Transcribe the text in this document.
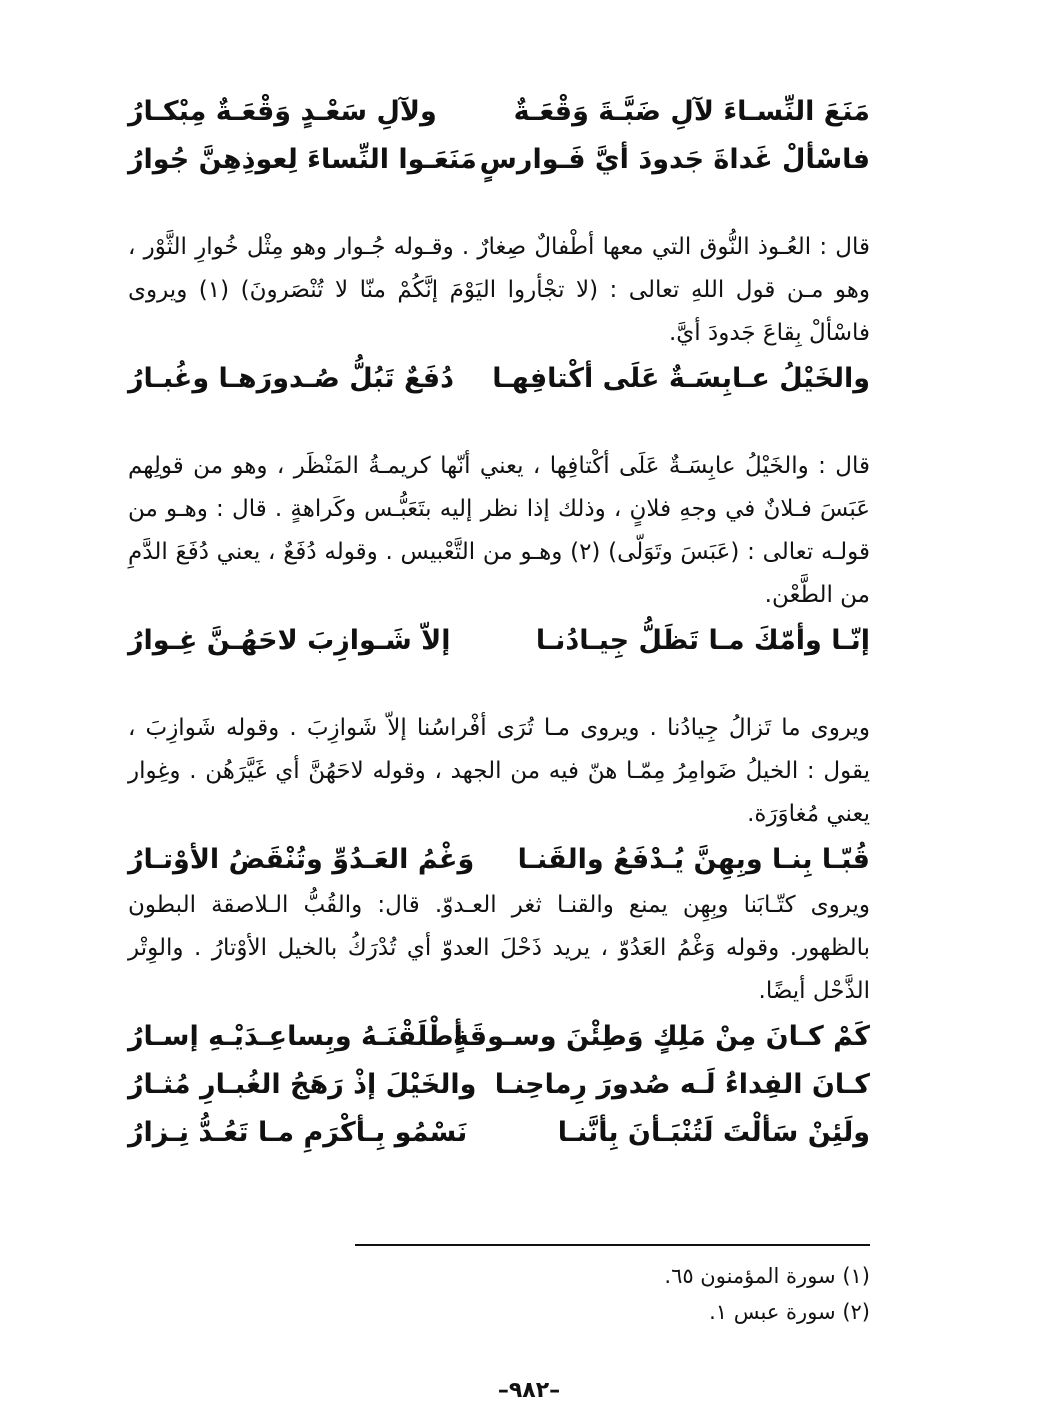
مَنَعَ النِّسـاءَ لآلِ ضَبَّـةَ وَقْعَـةٌ
ولآلِ سَعْـدٍ وَقْعَـةٌ مِبْكـارُ
فاسْألْ غَداةَ جَدودَ أيَّ فَـوارسٍ
مَنَعَـوا النِّساءَ لِعوذِهِنَّ جُوارُ

قال : العُـوذ النُّوق التي معها أطْفالٌ صِغارٌ . وقـوله جُـوار وهو مِثْل خُوارِ الثَّوْر ، وهو مـن قول اللهِ تعالى : (لا تجْأروا اليَوْمَ إنَّكُمْ منّا لا تُنْصَرونَ) (١) ويروى فاسْألْ بِقاعَ جَدودَ أيَّ.

والخَيْلُ عـابِسَـةٌ عَلَى أكْتافِهـا
دُفَعٌ تَبُلُّ صُـدورَهـا وغُبـارُ

قال : والخَيْلُ عابِسَـةٌ عَلَى أكْتافِها ، يعني أنّها كريمـةُ المَنْظَر ، وهو من قولِهم عَبَسَ فـلانٌ في وجهِ فلانٍ ، وذلك إذا نظر إليه بتَعَبُّـس وكَراهةٍ . قال : وهـو من قولـه تعالى : (عَبَسَ وتَوَلّى) (٢) وهـو من التَّعْبيس . وقوله دُفَعٌ ، يعني دُفَعَ الدَّمِ من الطَّعْن.

إنّـا وأمّكَ مـا تَظَلُّ جِيـادُنـا
إلاّ شَـوازِبَ لاحَهُـنَّ غِـوارُ

ويروى ما تَزالُ جِيادُنا . ويروى مـا تُرَى أفْراسُنا إلاّ شَوازِبَ . وقوله شَوازِبَ ، يقول : الخيلُ ضَوامِرُ مِمّـا هنّ فيه من الجهد ، وقوله لاحَهُنَّ أي غَيَّرَهُن . وغِوار يعني مُغاوَرَة.

قُبّـا بِنـا وبِهِنَّ يُـدْفَعُ والقَنـا
وَغْمُ العَـدُوِّ وتُنْقَضُ الأوْتـارُ

ويروى كتّـابَنا وبِهِن يمنع والقنـا ثغر العـدوّ. قال: والقُبُّ الـلاصقة البطون بالظهور. وقوله وَغْمُ العَدُوّ ، يريد ذَحْلَ العدوّ أي تُدْرَكُ بالخيل الأوْتارُ . والوِتْر الذَّحْل أيضًا.

كَمْ كـانَ مِنْ مَلِكٍ وَطِئْنَ وسـوقَةٍ
أطْلَقْنَـهُ وبِساعِـدَيْـهِ إسـارُ
كـانَ الفِداءُ لَـه صُدورَ رِماحِنـا
والخَيْلَ إذْ رَهَجُ الغُبـارِ مُثـارُ
ولَئِنْ سَألْتَ لَتُنْبَـأنَ بِأنَّنـا
نَسْمُو بِـأكْرَمِ مـا تَعُـدُّ نِـزارُ

(١) سورة المؤمنون ٦٥.

(٢) سورة عبس ١.

–٩٨٢–
